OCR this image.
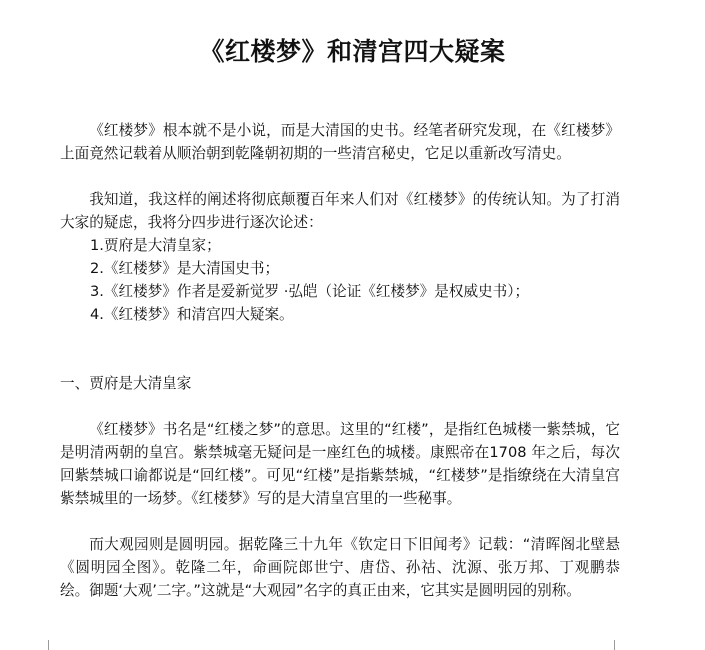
《红楼梦》和清宫四大疑案

《红楼梦》根本就不是小说，而是大清国的史书。经笔者研究发现，在《红楼梦》上面竟然记载着从顺治朝到乾隆朝初期的一些清宫秘史，它足以重新改写清史。

我知道，我这样的阐述将彻底颠覆百年来人们对《红楼梦》的传统认知。为了打消大家的疑虑，我将分四步进行逐次论述：

1.贾府是大清皇家；

2.《红楼梦》是大清国史书；

3.《红楼梦》作者是爱新觉罗 ·弘皑（论证《红楼梦》是权威史书）；

4.《红楼梦》和清宫四大疑案。

一、贾府是大清皇家

《红楼梦》书名是“红楼之梦”的意思。这里的“红楼”，是指红色城楼一紫禁城，它是明清两朝的皇宫。紫禁城毫无疑问是一座红色的城楼。康熙帝在1708 年之后，每次回紫禁城口谕都说是“回红楼”。可见“红楼”是指紫禁城，“红楼梦”是指缭绕在大清皇宫紫禁城里的一场梦。《红楼梦》写的是大清皇宫里的一些秘事。

而大观园则是圆明园。据乾隆三十九年《钦定日下旧闻考》记载：“清晖阁北壁悬《圆明园全图》。乾隆二年，命画院郎世宁、唐岱、孙祜、沈源、张万邦、丁观鹏恭绘。御题‘大观’二字。”这就是“大观园”名字的真正由来，它其实是圆明园的别称。
